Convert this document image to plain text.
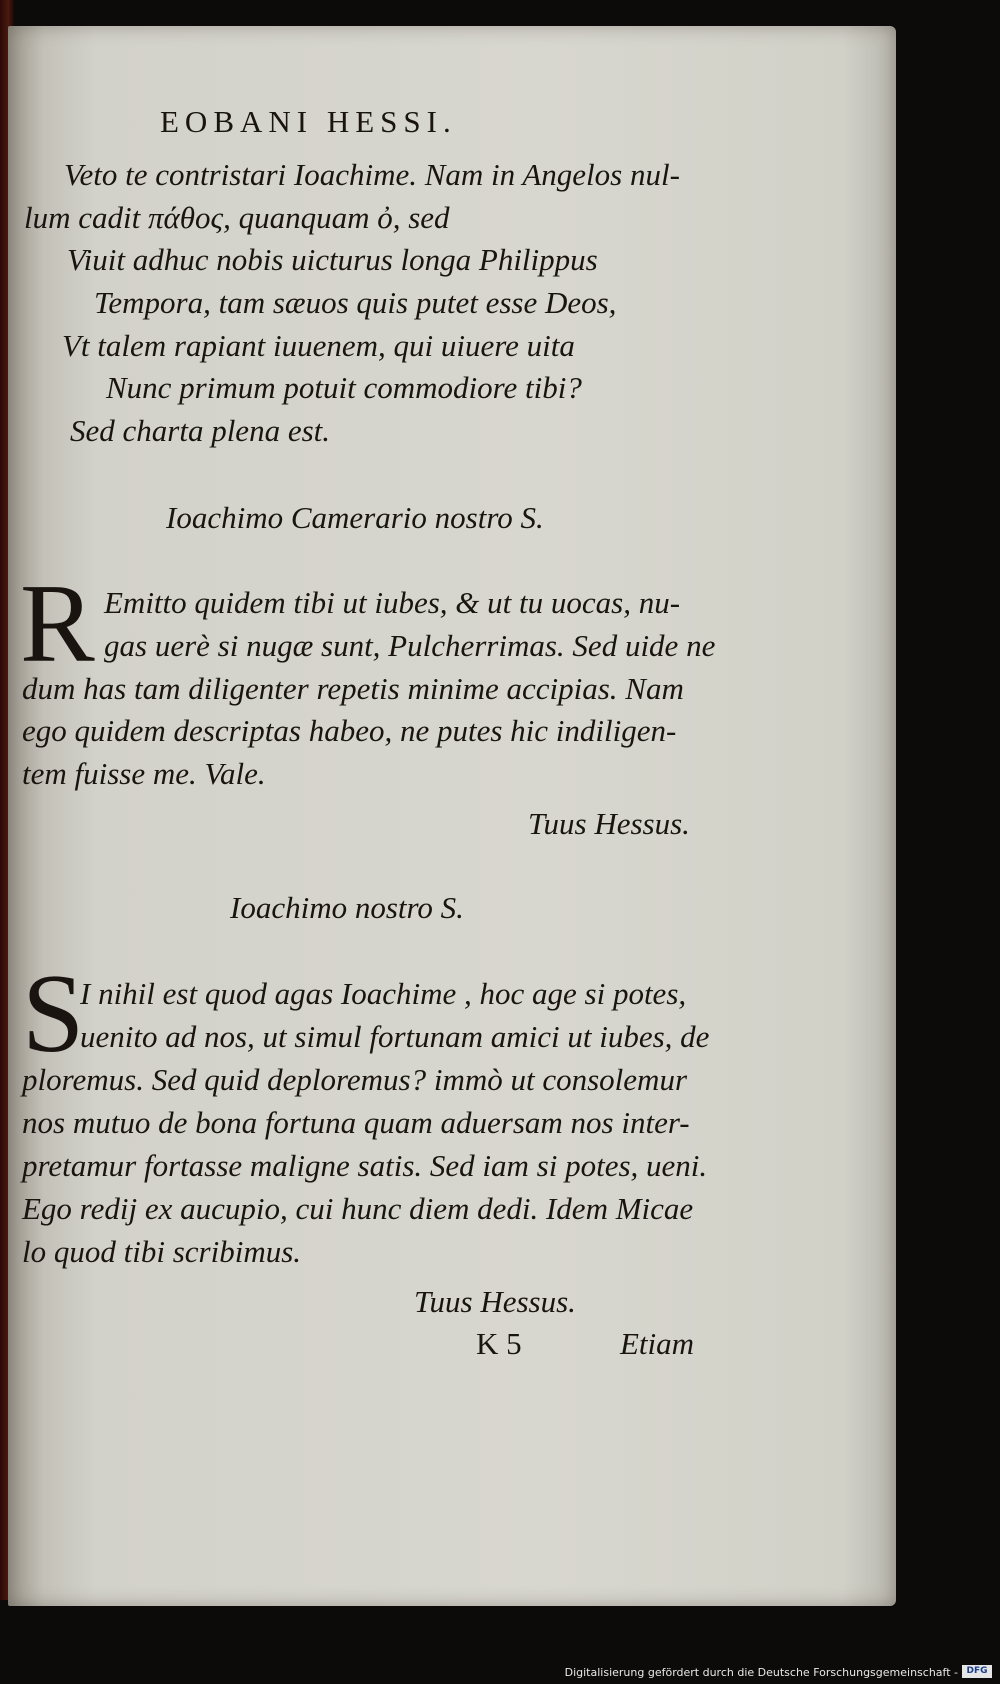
EOBANI HESSI.
Veto te contristari Ioachime. Nam in Angelos nul-
lum cadit πάθος, quanquam ὀ, sed
Viuit adhuc nobis uicturus longa Philippus
Tempora, tam sæuos quis putet esse Deos,
Vt talem rapiant iuuenem, qui uiuere uita
Nunc primum potuit commodiore tibi?
Sed charta plena est.
Ioachimo Camerario nostro S.
R Emitto quidem tibi ut iubes, & ut tu uocas, nu-
gas uerè si nugæ sunt, Pulcherrimas. Sed uide ne
dum has tam diligenter repetis minime accipias. Nam
ego quidem descriptas habeo, ne putes hic indiligen-
tem fuisse me. Vale.
Tuus Hessus.
Ioachimo nostro S.
S
I nihil est quod agas Ioachime , hoc age si potes,
uenito ad nos, ut simul fortunam amici ut iubes, de
ploremus. Sed quid deploremus? immò ut consolemur
nos mutuo de bona fortuna quam aduersam nos inter-
pretamur fortasse maligne satis. Sed iam si potes, ueni.
Ego redij ex aucupio, cui hunc diem dedi. Idem Micae
lo quod tibi scribimus.
Tuus Hessus.
K 5	Etiam
Digitalisierung gefördert durch die Deutsche Forschungsgemeinschaft - DFG
